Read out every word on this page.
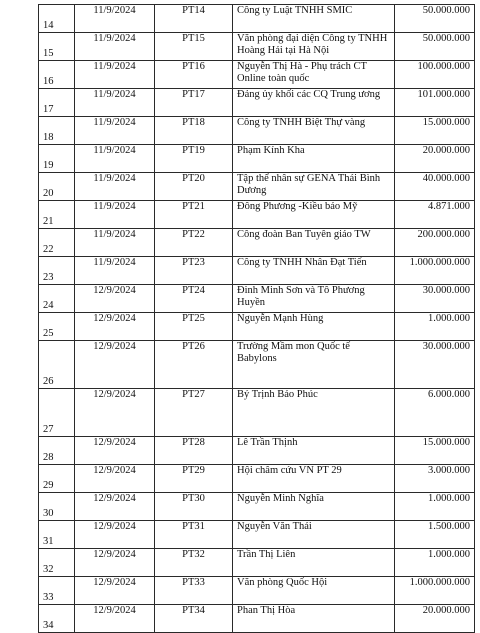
14	11/9/2024	PT14	Công ty Luật TNHH SMIC	50.000.000
15	11/9/2024	PT15	Văn phòng đại diện Công ty TNHH Hoàng Hải tại Hà Nội	50.000.000
16	11/9/2024	PT16	Nguyễn Thị Hà - Phụ trách CT Online toàn quốc	100.000.000
17	11/9/2024	PT17	Đảng ủy khối các CQ Trung ương	101.000.000
18	11/9/2024	PT18	Công ty TNHH Biệt Thự vàng	15.000.000
19	11/9/2024	PT19	Phạm Kính Kha	20.000.000
20	11/9/2024	PT20	Tập thể nhân sự GENA Thái Bình Dương	40.000.000
21	11/9/2024	PT21	Đông Phương -Kiều bảo Mỹ	4.871.000
22	11/9/2024	PT22	Công đoàn Ban Tuyên giáo TW	200.000.000
23	11/9/2024	PT23	Công ty TNHH Nhân Đạt Tiến	1.000.000.000
24	12/9/2024	PT24	Đinh Minh Sơn và Tô Phương Huyền	30.000.000
25	12/9/2024	PT25	Nguyễn Mạnh Hùng	1.000.000
26	12/9/2024	PT26	Trường Mầm mon Quốc tế Babylons	30.000.000
27	12/9/2024	PT27	Bý Trịnh Bảo Phúc	6.000.000
28	12/9/2024	PT28	Lê Trần Thịnh	15.000.000
29	12/9/2024	PT29	Hội châm cứu VN PT 29	3.000.000
30	12/9/2024	PT30	Nguyễn Minh Nghĩa	1.000.000
31	12/9/2024	PT31	Nguyễn Văn Thái	1.500.000
32	12/9/2024	PT32	Trần Thị Liên	1.000.000
33	12/9/2024	PT33	Văn phòng Quốc Hội	1.000.000.000
34	12/9/2024	PT34	Phan Thị Hòa	20.000.000
